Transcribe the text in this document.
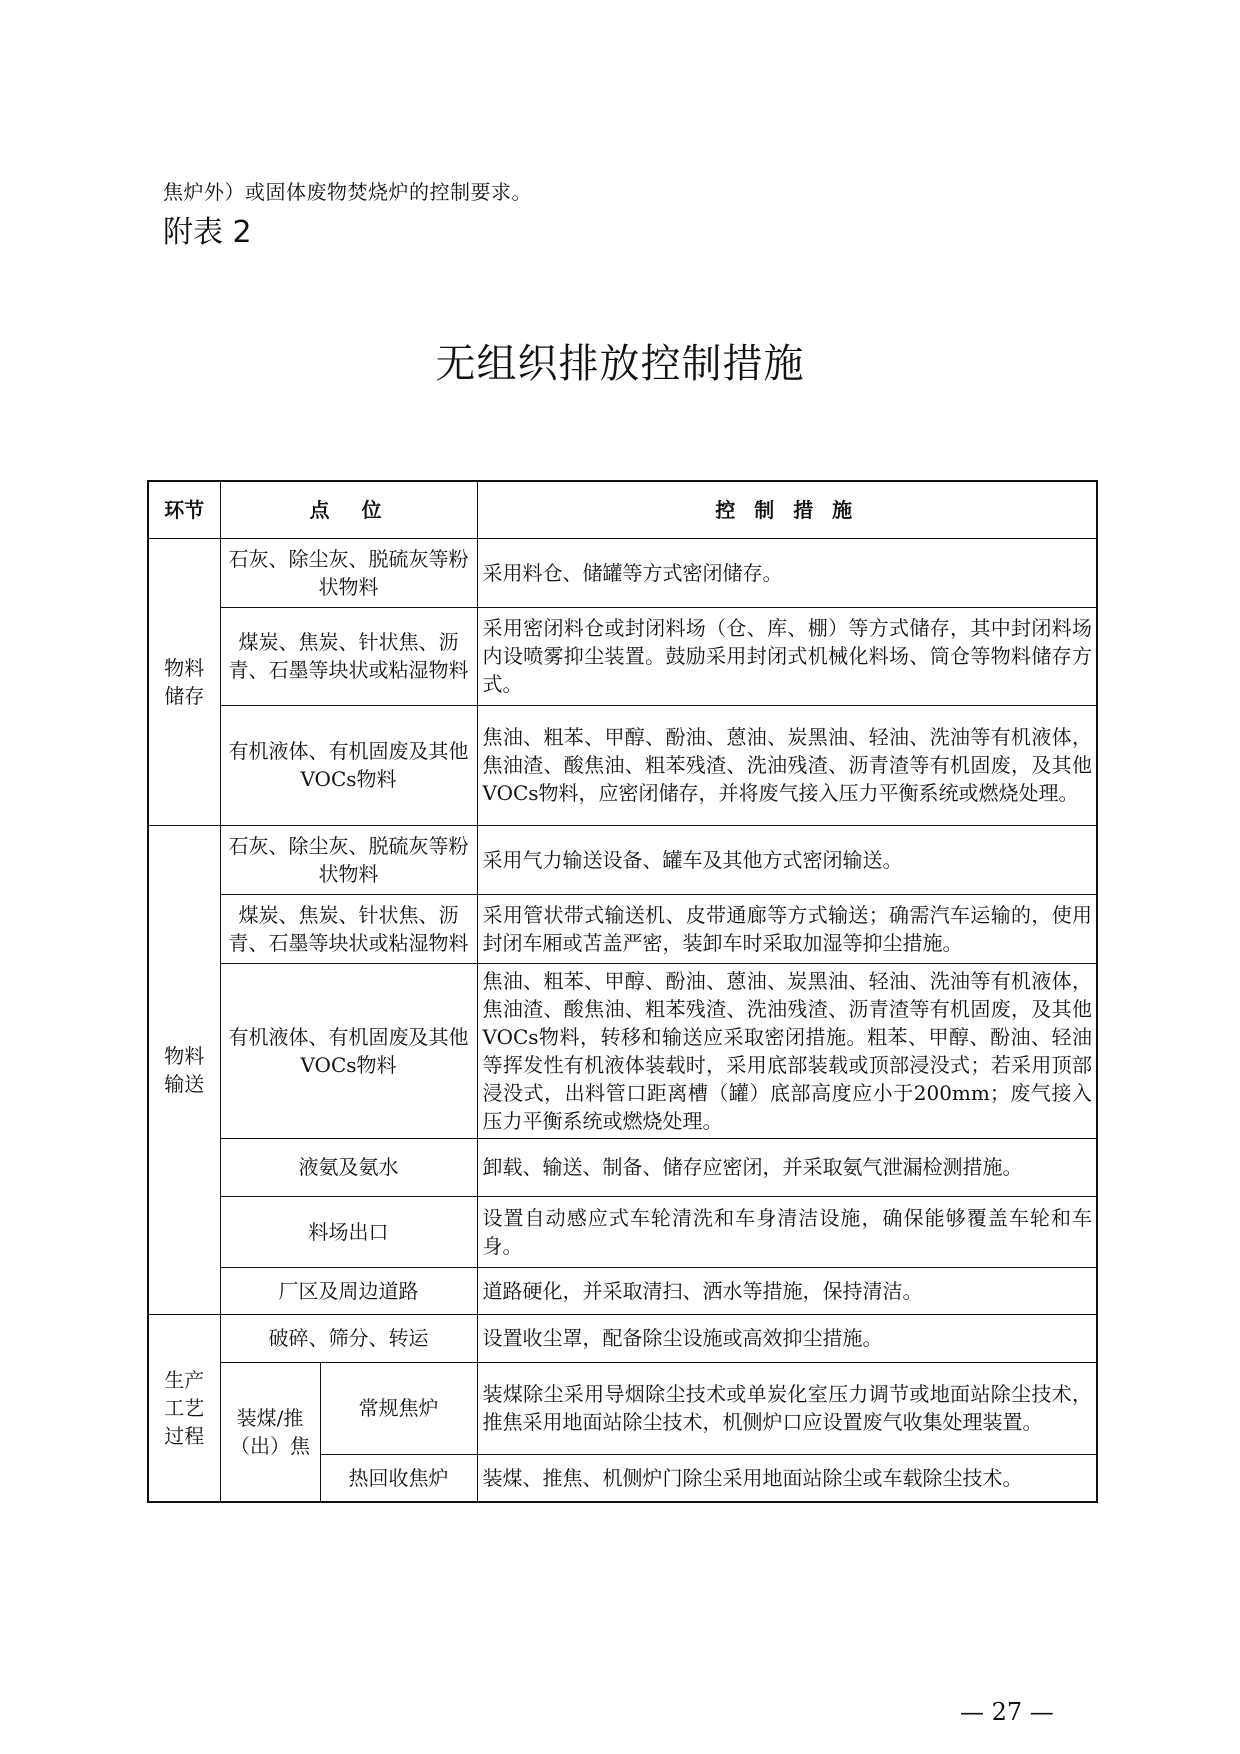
焦炉外）或固体废物焚烧炉的控制要求。
附表 2
无组织排放控制措施
环节	点　位		控 制 措 施
物料储存	石灰、除尘灰、脱硫灰等粉状物料		采用料仓、储罐等方式密闭储存。
	煤炭、焦炭、针状焦、沥青、石墨等块状或粘湿物料		采用密闭料仓或封闭料场（仓、库、棚）等方式储存，其中封闭料场内设喷雾抑尘装置。鼓励采用封闭式机械化料场、筒仓等物料储存方式。
	有机液体、有机固废及其他VOCs物料		焦油、粗苯、甲醇、酚油、蒽油、炭黑油、轻油、洗油等有机液体，焦油渣、酸焦油、粗苯残渣、洗油残渣、沥青渣等有机固废，及其他VOCs物料，应密闭储存，并将废气接入压力平衡系统或燃烧处理。
物料输送	石灰、除尘灰、脱硫灰等粉状物料		采用气力输送设备、罐车及其他方式密闭输送。
	煤炭、焦炭、针状焦、沥青、石墨等块状或粘湿物料		采用管状带式输送机、皮带通廊等方式输送；确需汽车运输的，使用封闭车厢或苫盖严密，装卸车时采取加湿等抑尘措施。
	有机液体、有机固废及其他VOCs物料		焦油、粗苯、甲醇、酚油、蒽油、炭黑油、轻油、洗油等有机液体，焦油渣、酸焦油、粗苯残渣、洗油残渣、沥青渣等有机固废，及其他VOCs物料，转移和输送应采取密闭措施。粗苯、甲醇、酚油、轻油等挥发性有机液体装载时，采用底部装载或顶部浸没式；若采用顶部浸没式，出料管口距离槽（罐）底部高度应小于200mm；废气接入压力平衡系统或燃烧处理。
	液氨及氨水		卸载、输送、制备、储存应密闭，并采取氨气泄漏检测措施。
	料场出口		设置自动感应式车轮清洗和车身清洁设施，确保能够覆盖车轮和车身。
	厂区及周边道路		道路硬化，并采取清扫、洒水等措施，保持清洁。
生产工艺过程	破碎、筛分、转运		设置收尘罩，配备除尘设施或高效抑尘措施。
	装煤/推（出）焦	常规焦炉	装煤除尘采用导烟除尘技术或单炭化室压力调节或地面站除尘技术，推焦采用地面站除尘技术，机侧炉口应设置废气收集处理装置。
		热回收焦炉	装煤、推焦、机侧炉门除尘采用地面站除尘或车载除尘技术。
— 27 —
